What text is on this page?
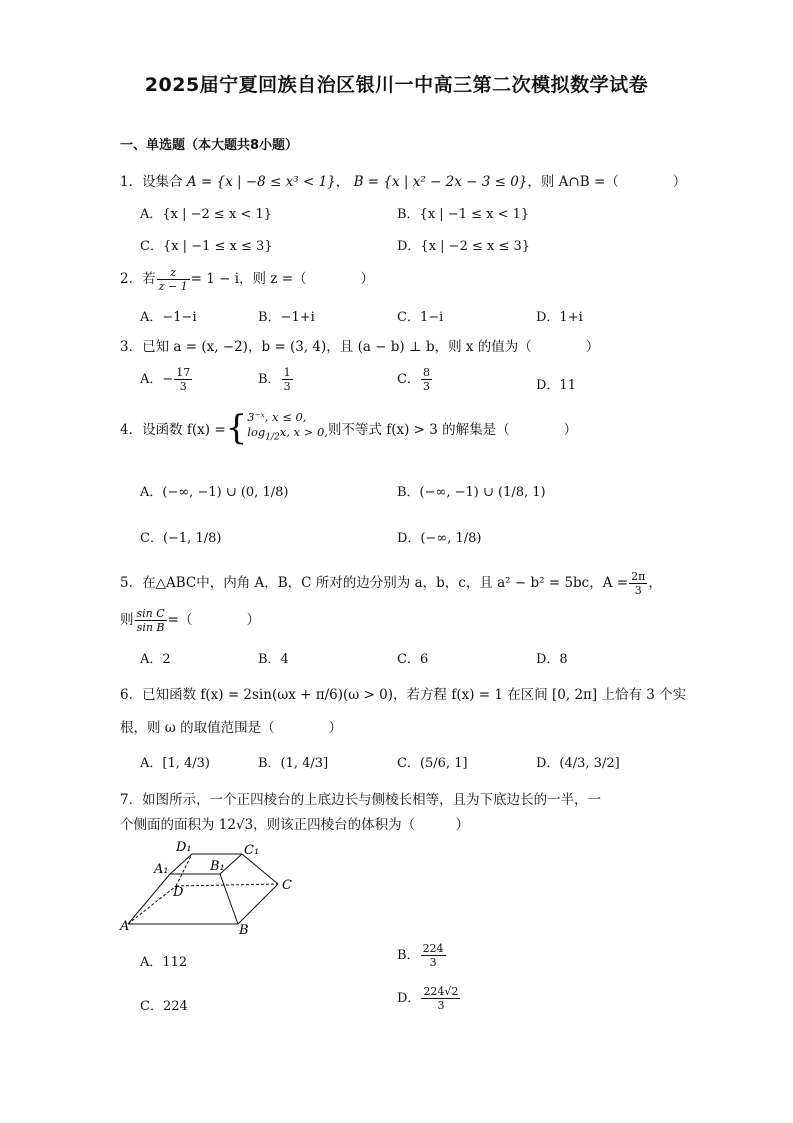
2025届宁夏回族自治区银川一中高三第二次模拟数学试卷
一、单选题（本大题共8小题）
1．设集合 A = {x | −8 ≤ x³ < 1}， B = {x | x² − 2x − 3 ≤ 0}，则 A∩B =（　　　　）
A．{x | −2 ≤ x < 1}	B．{x | −1 ≤ x < 1}
C．{x | −1 ≤ x ≤ 3}	D．{x | −2 ≤ x ≤ 3}
2．若 $\frac{z}{z - 1} = 1 - i$，则 z =（　　　　）
A．−1−i	B．−1+i	C．1−i	D．1+i
3．已知 a = (x, −2)，b = (3, 4)，且 (a − b) ⊥ b，则 x 的值为（　　　　）
A．− $\frac{17}{3}$	B． $\frac{1}{3}$	C． $\frac{8}{3}$	D．11
4．设函数 f(x) ={ 3⁻ˣ, x ≤ 0,
$\log_{1/2}x$, x > 0, 则不等式 f(x) > 3 的解集是（　　　　）
A．(−∞, −1) ∪ (0, 1/8)	B．(−∞, −1) ∪ (1/8, 1)
C．(−1, 1/8)	D．(−∞, 1/8)
5．在△ABC中，内角 A，B，C 所对的边分别为 a，b，c，且 a² − b² = 5bc，$A = \frac{2\pi}{3}$ ，
则 $\frac{\text{sin C}}{\text{sin B}}$ =（　　　　）
A．2	B．4	C．6	D．8
6．已知函数 f(x) = 2sin(ωx + π/6)(ω > 0)，若方程 f(x) = 1 在区间 [0, 2π] 上恰有 3 个实
根，则 ω 的取值范围是（　　　　）
A．[1, 4/3)	B．(1, 4/3]	C．(5/6, 1]	D．(4/3, 3/2]
7．如图所示，一个正四棱台的上底边长与侧棱长相等，且为下底边长的一半，一
个侧面的面积为 12√3，则该正四棱台的体积为（　　　）
D₁	C₁
A₁	B₁
D	C
A	B
A．112	B． $\frac{224}{3}$
C．224
D． $\frac{224√2}{3}$
